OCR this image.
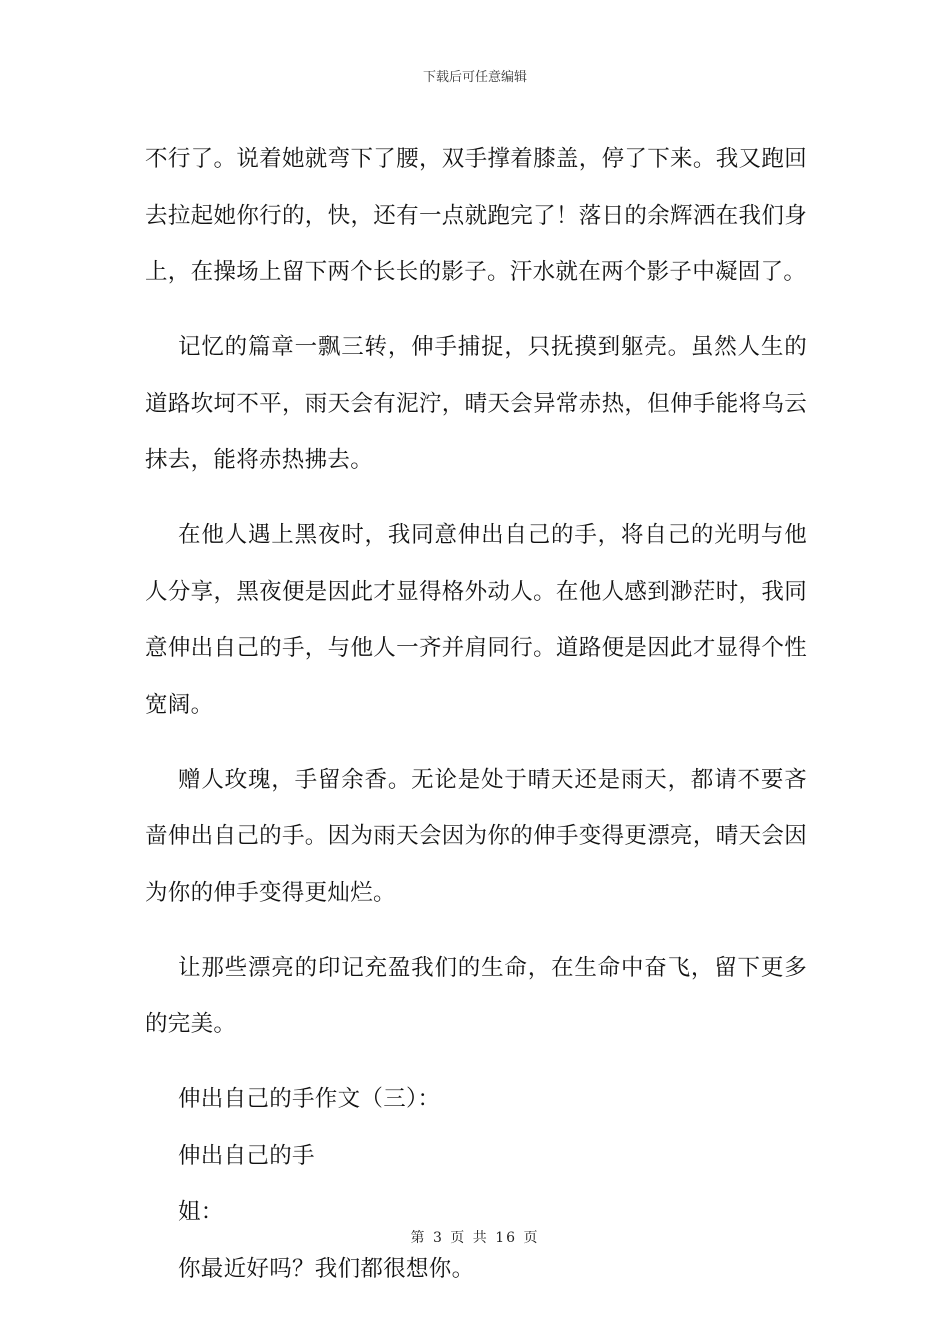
下载后可任意编辑

不行了。说着她就弯下了腰，双手撑着膝盖，停了下来。我又跑回去拉起她你行的，快，还有一点就跑完了！落日的余辉洒在我们身上，在操场上留下两个长长的影子。汗水就在两个影子中凝固了。

记忆的篇章一飘三转，伸手捕捉，只抚摸到躯壳。虽然人生的道路坎坷不平，雨天会有泥泞，晴天会异常赤热，但伸手能将乌云抹去，能将赤热拂去。

在他人遇上黑夜时，我同意伸出自己的手，将自己的光明与他人分享，黑夜便是因此才显得格外动人。在他人感到渺茫时，我同意伸出自己的手，与他人一齐并肩同行。道路便是因此才显得个性宽阔。

赠人玫瑰，手留余香。无论是处于晴天还是雨天，都请不要吝啬伸出自己的手。因为雨天会因为你的伸手变得更漂亮，晴天会因为你的伸手变得更灿烂。

让那些漂亮的印记充盈我们的生命，在生命中奋飞，留下更多的完美。

伸出自己的手作文（三）：

伸出自己的手

姐：

你最近好吗？我们都很想你。

第 3 页 共 16 页
